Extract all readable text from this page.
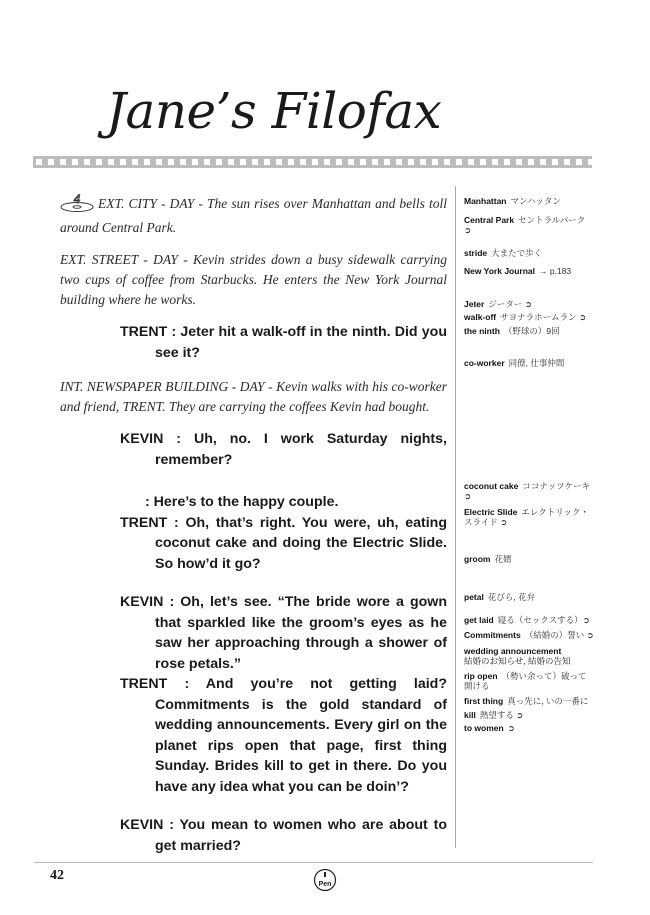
Jane’s Filofax

4 EXT. CITY - DAY - The sun rises over Manhattan and bells toll around Central Park.

EXT. STREET - DAY - Kevin strides down a busy sidewalk carrying two cups of coffee from Starbucks. He enters the New York Journal building where he works.

TRENT : Jeter hit a walk-off in the ninth. Did you see it?

INT. NEWSPAPER BUILDING - DAY - Kevin walks with his co-worker and friend, TRENT. They are carrying the coffees Kevin had bought.

KEVIN : Uh, no. I work Saturday nights, remember?
: Here’s to the happy couple.
TRENT : Oh, that’s right. You were, uh, eating coconut cake and doing the Electric Slide. So how’d it go?
KEVIN : Oh, let’s see. “The bride wore a gown that sparkled like the groom’s eyes as he saw her approaching through a shower of rose petals.”
TRENT : And you’re not getting laid? Commitments is the gold standard of wedding announcements. Every girl on the planet rips open that page, first thing Sunday. Brides kill to get in there. Do you have any idea what you can be doin’?
KEVIN : You mean to women who are about to get married?
Manhattan マンハッタン
Central Park セントラルパーク ➲
stride 大またで歩く
New York Journal → p.183
Jeter ジーター ➲
walk-off サヨナラホームラン ➲
the ninth （野球の）9回
co-worker 同僚, 仕事仲間
coconut cake ココナッツケーキ ➲
Electric Slide エレクトリック・スライド ➲
groom 花婿
petal 花びら, 花弁
get laid 寝る（セックスする）➲
Commitments （結婚の）誓い ➲
wedding announcement
結婚のお知らせ, 結婚の告知
rip open （勢い余って）破って開ける
first thing 真っ先に, いの一番に
kill 熱望する ➲
to women ➲
42
Pen
